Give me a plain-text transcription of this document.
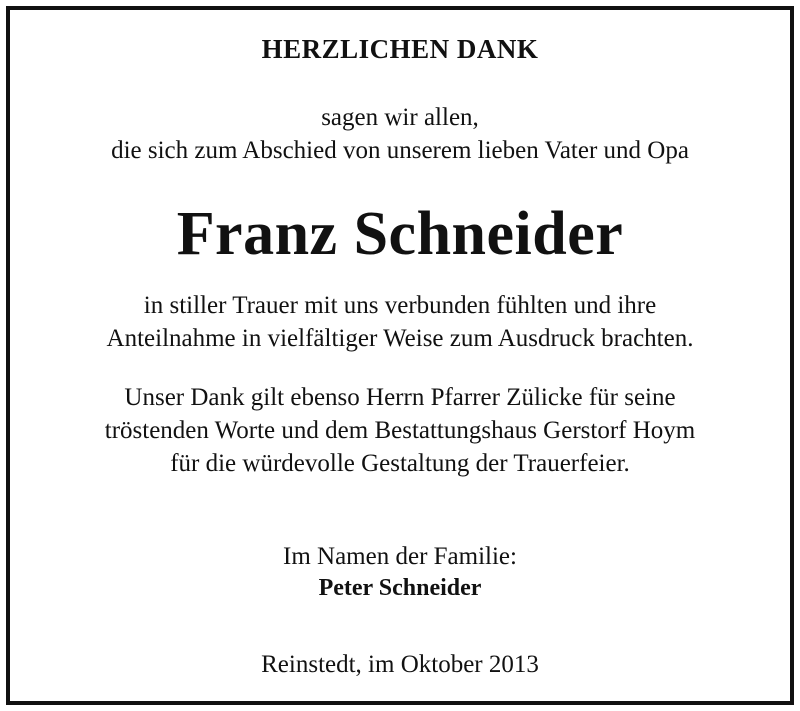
HERZLICHEN DANK
sagen wir allen,
die sich zum Abschied von unserem lieben Vater und Opa
Franz Schneider
in stiller Trauer mit uns verbunden fühlten und ihre
Anteilnahme in vielfältiger Weise zum Ausdruck brachten.
Unser Dank gilt ebenso Herrn Pfarrer Zülicke für seine
tröstenden Worte und dem Bestattungshaus Gerstorf Hoym
für die würdevolle Gestaltung der Trauerfeier.
Im Namen der Familie:
Peter Schneider
Reinstedt, im Oktober 2013
